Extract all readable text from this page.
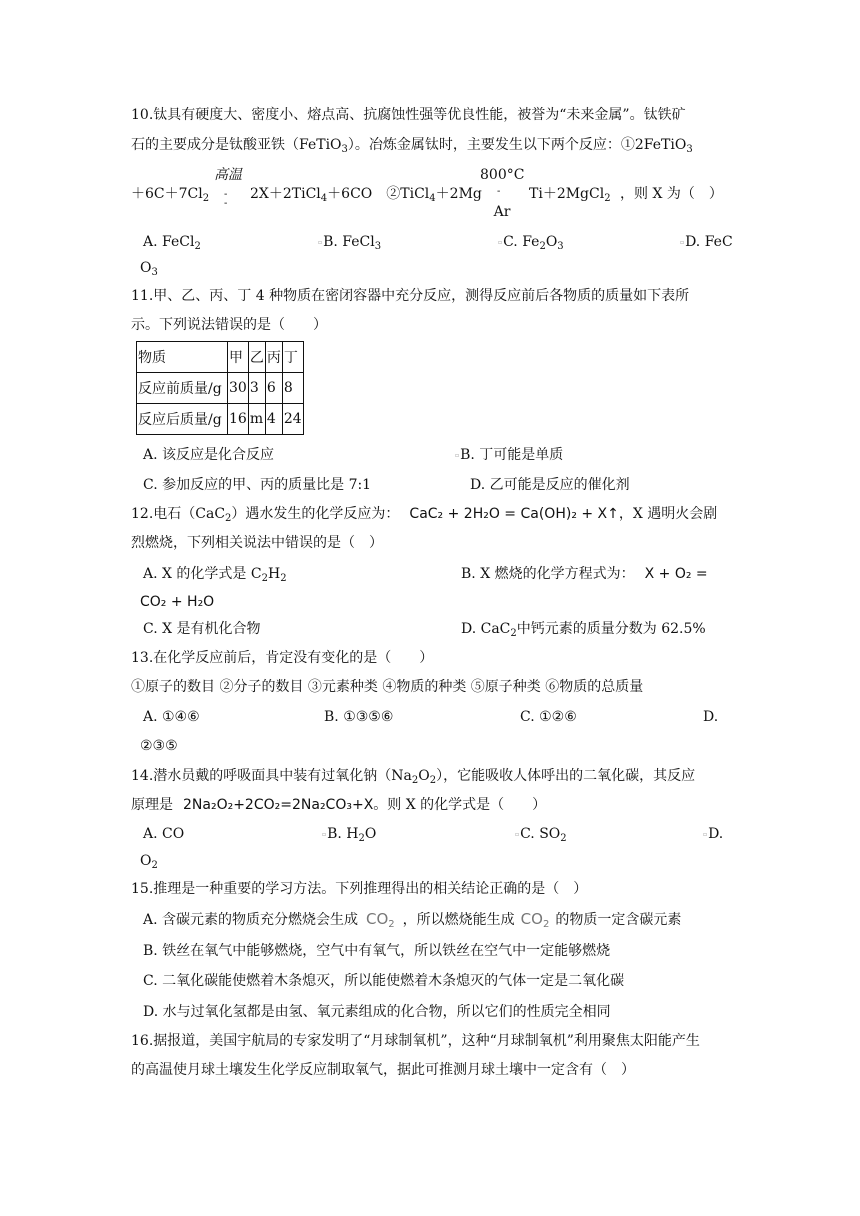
10.钛具有硬度大、密度小、熔点高、抗腐蚀性强等优良性能，被誉为“未来金属”。钛铁矿
石的主要成分是钛酸亚铁（FeTiO$_3$）。冶炼金属钛时，主要发生以下两个反应：①2FeTiO$_3$
高温
-
-
800°C
-
Ar
$+6C+7Cl_2$	2X＋2TiCl$_4$＋6CO　②TiCl$_4$＋2Mg	Ti＋2MgCl$_2$ ，则 X 为（　）
A. FeCl$_2$	▫B. FeCl$_3$	▫C. $Fe_2O_3$	▫D. FeC
$O_3$
11.甲、乙、丙、丁 4 种物质在密闭容器中充分反应，测得反应前后各物质的质量如下表所
示。下列说法错误的是（　　）
物质	甲	乙	丙	丁
反应前质量/g	30	3	6	8
反应后质量/g	16	m	4	24
A. 该反应是化合反应	▫B. 丁可能是单质
C. 参加反应的甲、丙的质量比是 7:1	D. 乙可能是反应的催化剂
12.电石（CaC$_2$）遇水发生的化学反应为： CaC₂ + 2H₂O = Ca(OH)₂ + X↑，X 遇明火会剧
烈燃烧，下列相关说法中错误的是（　）
A. X 的化学式是 $C_2H_2$	B. X 燃烧的化学方程式为： X + O₂ =
CO₂ + H₂O
C. X 是有机化合物	D. CaC$_2$中钙元素的质量分数为 62.5%
13.在化学反应前后，肯定没有变化的是（　　）
①原子的数目 ②分子的数目 ③元素种类 ④物质的种类 ⑤原子种类 ⑥物质的总质量
A. ①④⑥	B. ①③⑤⑥	C. ①②⑥	D.
②③⑤
14.潜水员戴的呼吸面具中装有过氧化钠$(Na_2O_2)$，它能吸收人体呼出的二氧化碳，其反应
原理是 2Na₂O₂+2CO₂=2Na₂CO₃+X。则 X 的化学式是（　　）
A. CO	▫B. $H_2O$	▫C. $SO_2$	▫D.
$O_2$
15.推理是一种重要的学习方法。下列推理得出的相关结论正确的是（　）
A. 含碳元素的物质充分燃烧会生成 $CO_2$ ，所以燃烧能生成 $CO_2$ 的物质一定含碳元素
B. 铁丝在氧气中能够燃烧，空气中有氧气，所以铁丝在空气中一定能够燃烧
C. 二氧化碳能使燃着木条熄灭，所以能使燃着木条熄灭的气体一定是二氧化碳
D. 水与过氧化氢都是由氢、氧元素组成的化合物，所以它们的性质完全相同
16.据报道，美国宇航局的专家发明了“月球制氧机”，这种“月球制氧机”利用聚焦太阳能产生
的高温使月球土壤发生化学反应制取氧气，据此可推测月球土壤中一定含有（　）
